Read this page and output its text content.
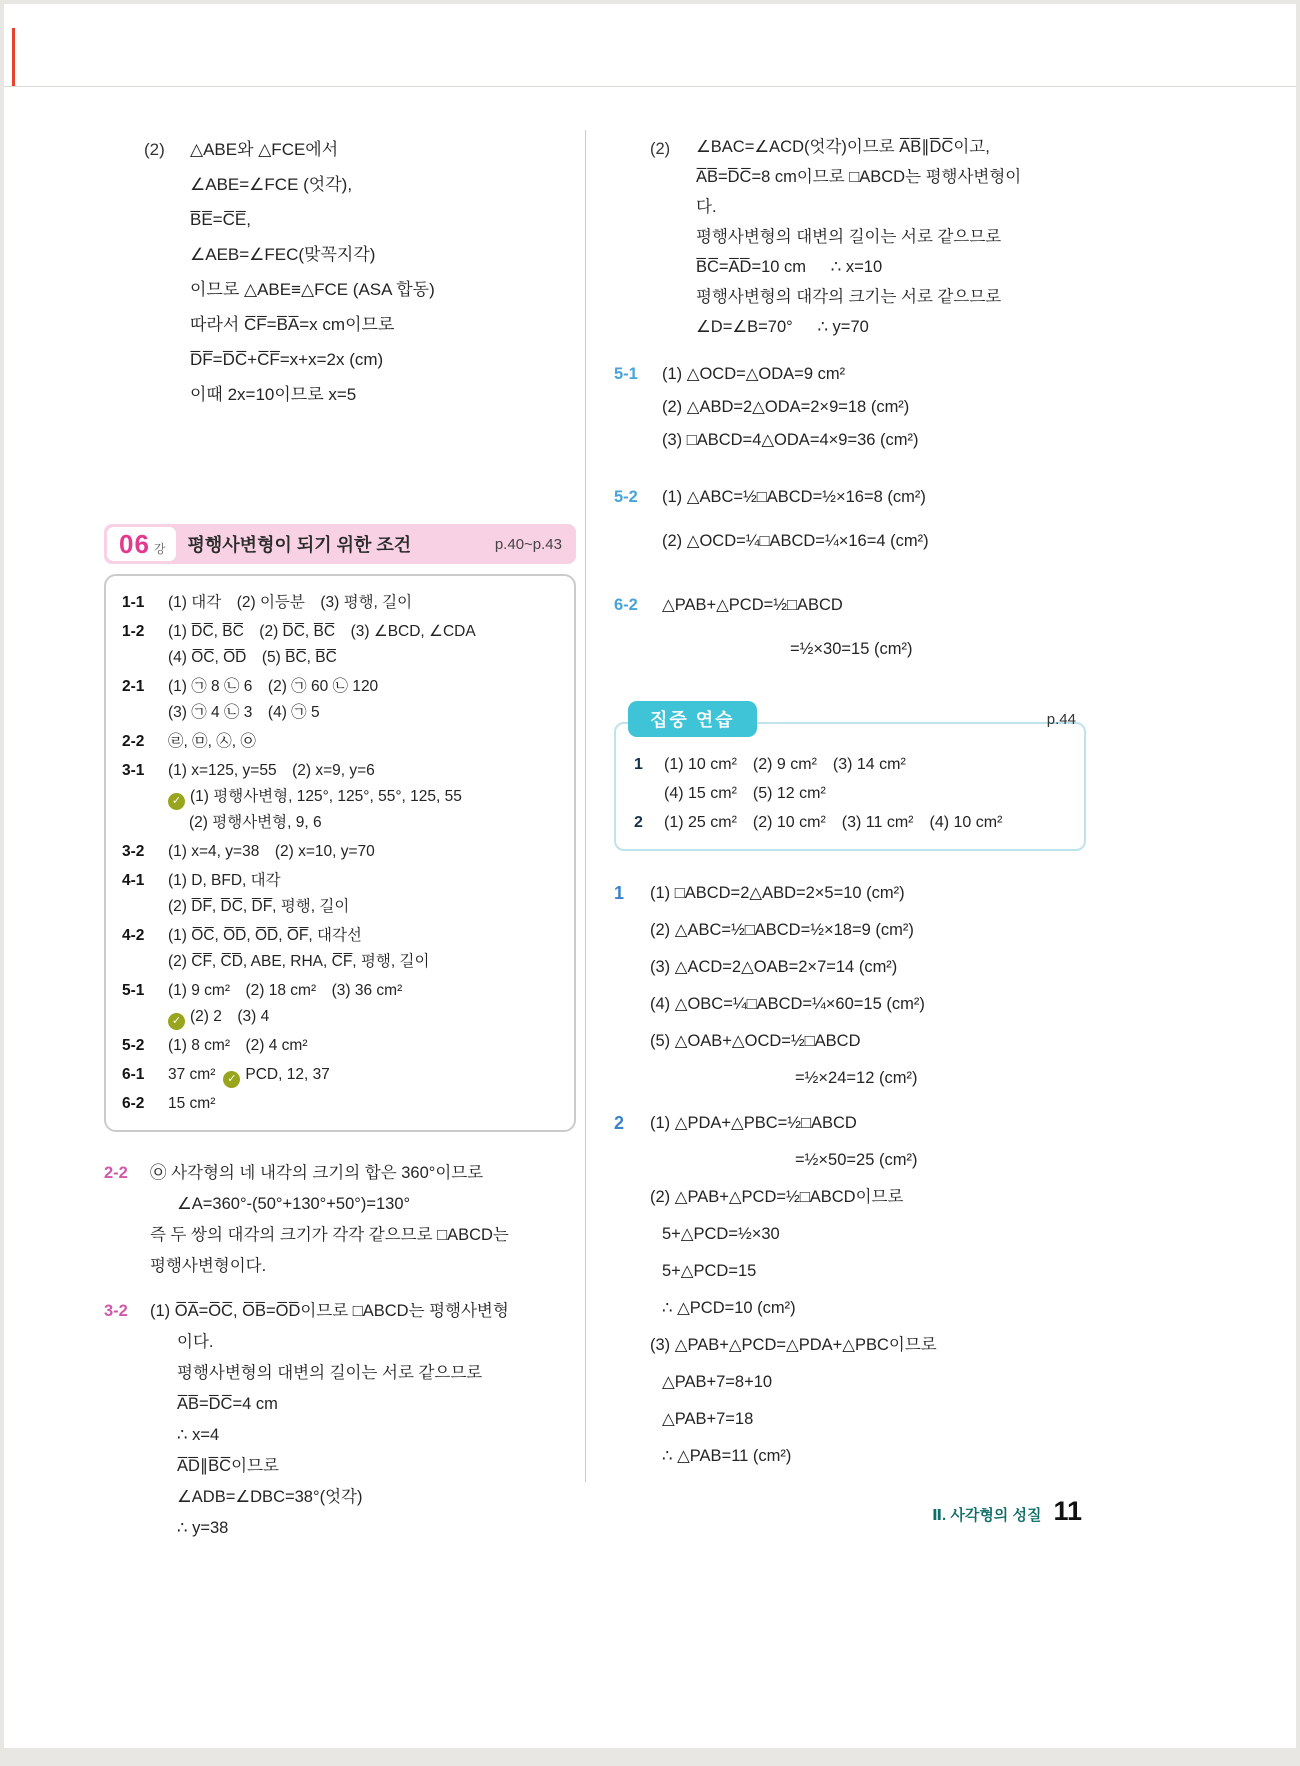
(2)	△ABE와 △FCE에서
∠ABE=∠FCE (엇각),
B̅E̅=C̅E̅,
∠AEB=∠FEC(맞꼭지각)
이므로 △ABE≡△FCE (ASA 합동)
따라서 C̅F̅=B̅A̅=x cm이므로
D̅F̅=D̅C̅+C̅F̅=x+x=2x (cm)
이때 2x=10이므로 x=5
06 강 평행사변형이 되기 위한 조건	p.40~p.43
1-1	(1) 대각  (2) 이등분  (3) 평행, 길이
1-2	(1) D̅C̅, B̅C̅  (2) D̅C̅, B̅C̅  (3) ∠BCD, ∠CDA
(4) O̅C̅, O̅D̅  (5) B̅C̅, B̅C̅
2-1	(1) ㉠ 8 ㉡ 6  (2) ㉠ 60 ㉡ 120
(3) ㉠ 4 ㉡ 3  (4) ㉠ 5
2-2	㉣, ㉤, ㉦, ㉧
3-1	(1) x=125, y=55  (2) x=9, y=6
✓ (1) 평행사변형, 125°, 125°, 55°, 125, 55
(2) 평행사변형, 9, 6
3-2	(1) x=4, y=38  (2) x=10, y=70
4-1	(1) D, BFD, 대각
(2) D̅F̅, D̅C̅, D̅F̅, 평행, 길이
4-2	(1) O̅C̅, O̅D̅, O̅D̅, O̅F̅, 대각선
(2) C̅F̅, C̅D̅, ABE, RHA, C̅F̅, 평행, 길이
5-1	(1) 9 cm²  (2) 18 cm²  (3) 36 cm²
✓ (2) 2  (3) 4
5-2	(1) 8 cm²  (2) 4 cm²
6-1	37 cm² ✓ PCD, 12, 37
6-2	15 cm²
2-2	㉧ 사각형의 네 내각의 크기의 합은 360°이므로
∠A=360°-(50°+130°+50°)=130°
즉 두 쌍의 대각의 크기가 각각 같으므로 □ABCD는
평행사변형이다.
3-2	(1) O̅A̅=O̅C̅, O̅B̅=O̅D̅이므로 □ABCD는 평행사변형
이다.
평행사변형의 대변의 길이는 서로 같으므로
A̅B̅=D̅C̅=4 cm
∴ x=4
A̅D̅∥B̅C̅이므로
∠ADB=∠DBC=38°(엇각)
∴ y=38
(2)	∠BAC=∠ACD(엇각)이므로 A̅B̅∥D̅C̅이고,
A̅B̅=D̅C̅=8 cm이므로 □ABCD는 평행사변형이
다.
평행사변형의 대변의 길이는 서로 같으므로
B̅C̅=A̅D̅=10 cm   ∴ x=10
평행사변형의 대각의 크기는 서로 같으므로
∠D=∠B=70°   ∴ y=70
5-1	(1) △OCD=△ODA=9 cm²
(2) △ABD=2△ODA=2×9=18 (cm²)
(3) □ABCD=4△ODA=4×9=36 (cm²)
5-2	(1) △ABC=½□ABCD=½×16=8 (cm²)
(2) △OCD=¼□ABCD=¼×16=4 (cm²)
6-2	△PAB+△PCD=½□ABCD
=½×30=15 (cm²)
집중 연습	p.44
1	(1) 10 cm²  (2) 9 cm²  (3) 14 cm²
(4) 15 cm²  (5) 12 cm²
2	(1) 25 cm²  (2) 10 cm²  (3) 11 cm²  (4) 10 cm²
1	(1) □ABCD=2△ABD=2×5=10 (cm²)
(2) △ABC=½□ABCD=½×18=9 (cm²)
(3) △ACD=2△OAB=2×7=14 (cm²)
(4) △OBC=¼□ABCD=¼×60=15 (cm²)
(5) △OAB+△OCD=½□ABCD
=½×24=12 (cm²)
2	(1) △PDA+△PBC=½□ABCD
=½×50=25 (cm²)
(2) △PAB+△PCD=½□ABCD이므로
5+△PCD=½×30
5+△PCD=15
∴ △PCD=10 (cm²)
(3) △PAB+△PCD=△PDA+△PBC이므로
△PAB+7=8+10
△PAB+7=18
∴ △PAB=11 (cm²)
Ⅱ. 사각형의 성질 11
